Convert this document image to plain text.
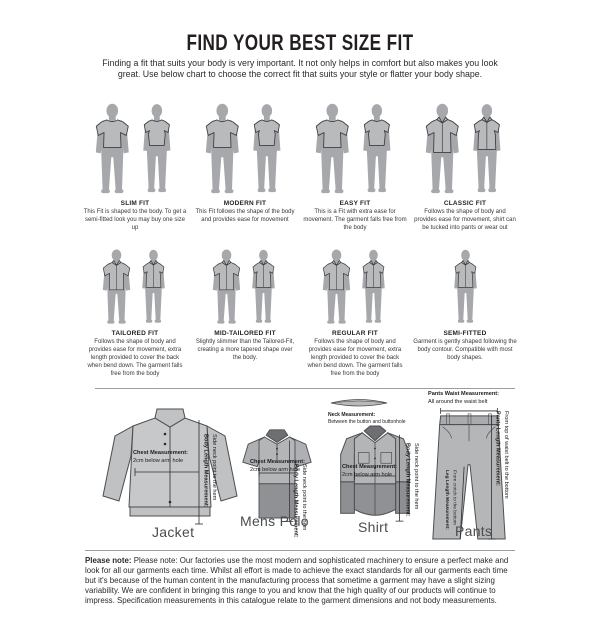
FIND YOUR BEST SIZE FIT
Finding a fit that suits your body is very important. It not only helps in comfort but also makes you look great. Use below chart to choose the correct fit that suits your style or flatter your body shape.
SLIM FIT
This Fit is shaped to the body. To get a semi-fitted look you may buy one size up
MODERN FIT
This Fit follows the shape of the body and provides ease for movement
EASY FIT
This is a Fit with extra ease for movement. The garment falls free from the body
CLASSIC FIT
Follows the shape of body and provides ease for movement, shirt can be tucked into pants or wear out
TAILORED FIT
Follows the shape of body and provides ease for movement, extra length provided to cover the back when bend down. The garment falls free from the body
MID-TAILORED FIT
Slightly slimmer than the Tailored-Fit, creating a more tapered shape over the body.
REGULAR FIT
Follows the shape of body and provides ease for movement, extra length provided to cover the back when bend down. The garment falls free from the body
SEMI-FITTED
Garment is gently shaped following the body contour. Compatible with most body shapes.
Chest Measurement:
2cm below arm hole	Body Length Measurement: Side neck point to the hem
Jacket
Chest Measurement:
2cm below arm hole
Body Length Measurement: Side neck point to the hem
Mens Polo
Neck Measurement:
Between the button and buttonhole
Chest Measurement:
2cm below arm hole	Body Length Measurement: Side neck point to the hem
Shirt
Pants Waist Measurement:
All around the waist belt
Pants Length Measurement: From top of waist belt to the bottom
Leg Length Measurement: From crotch to the bottom
Pants
Please note: Please note: Our factories use the most modern and sophisticated machinery to ensure a perfect make and look for all our garments each time. Whilst all effort is made to achieve the exact standards for all our garments each time but it's because of the human content in the manufacturing process that sometime a garment may have a slight sizing variability. We are confident in bringing this range to you and know that the high quality of our products will continue to impress. Specification measurements in this catalogue relate to the garment dimensions and not body measurements.
